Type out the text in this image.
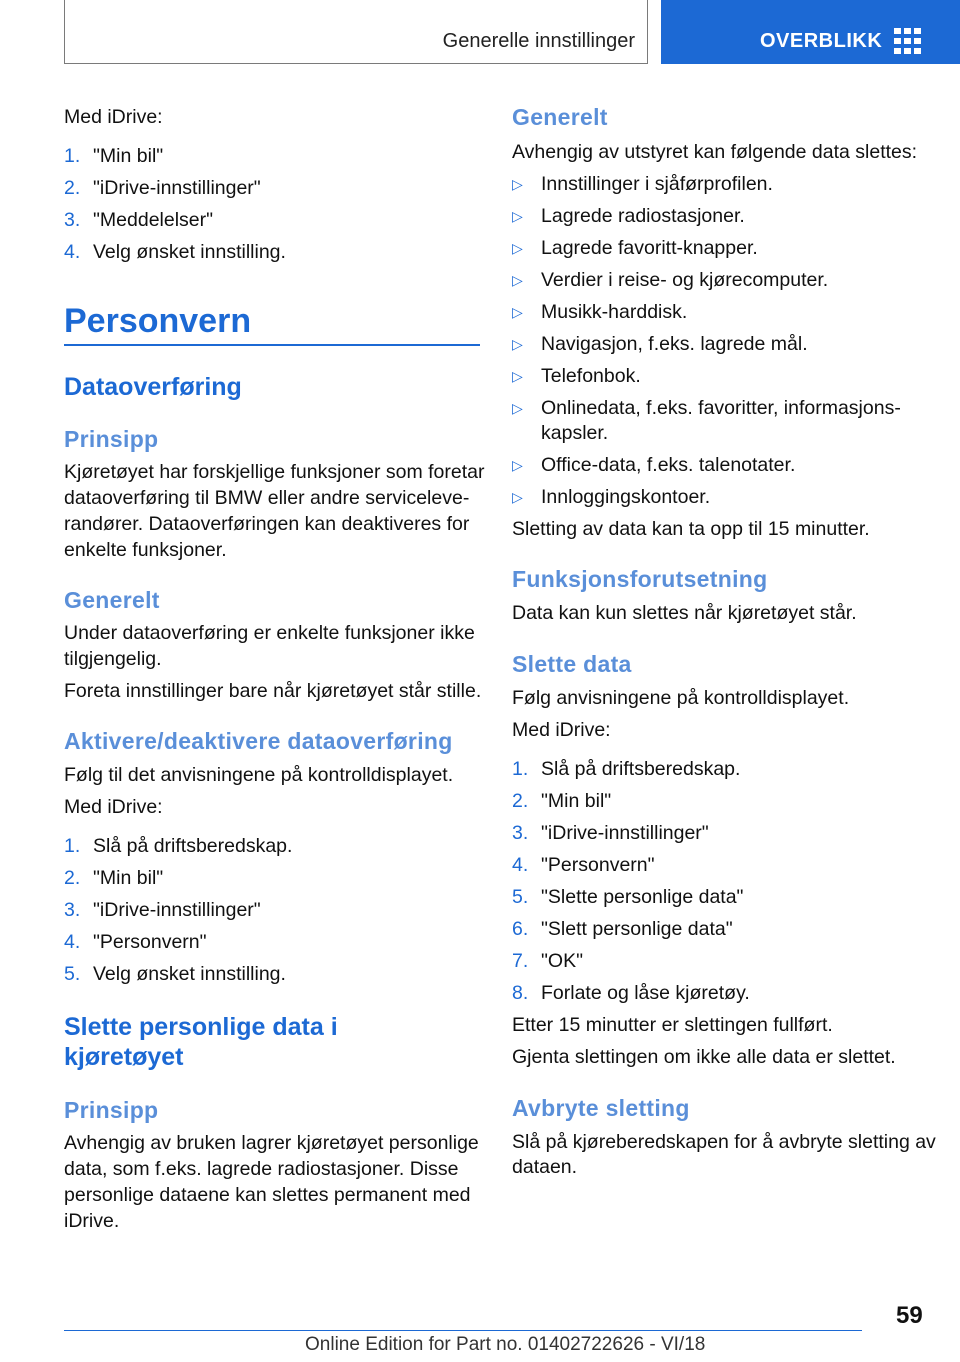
Generelle innstillinger	OVERBLIKK
Med iDrive:
1. "Min bil"
2. "iDrive-innstillinger"
3. "Meddelelser"
4. Velg ønsket innstilling.
Personvern
Dataoverføring
Prinsipp
Kjøretøyet har forskjellige funksjoner som foretar
dataoverføring til BMW eller andre serviceleve-
randører. Dataoverføringen kan deaktiveres for
enkelte funksjoner.
Generelt
Under dataoverføring er enkelte funksjoner ikke
tilgjengelig.
Foreta innstillinger bare når kjøretøyet står stille.
Aktivere/deaktivere dataoverføring
Følg til det anvisningene på kontrolldisplayet.
Med iDrive:
1. Slå på driftsberedskap.
2. "Min bil"
3. "iDrive-innstillinger"
4. "Personvern"
5. Velg ønsket innstilling.
Slette personlige data i
kjøretøyet
Prinsipp
Avhengig av bruken lagrer kjøretøyet personlige
data, som f.eks. lagrede radiostasjoner. Disse
personlige dataene kan slettes permanent med
iDrive.
Generelt
Avhengig av utstyret kan følgende data slettes:
▷ Innstillinger i sjåførprofilen.
▷ Lagrede radiostasjoner.
▷ Lagrede favoritt-knapper.
▷ Verdier i reise- og kjørecomputer.
▷ Musikk-harddisk.
▷ Navigasjon, f.eks. lagrede mål.
▷ Telefonbok.
▷ Onlinedata, f.eks. favoritter, informasjons-
kapsler.
▷ Office-data, f.eks. talenotater.
▷ Innloggingskontoer.
Sletting av data kan ta opp til 15 minutter.
Funksjonsforutsetning
Data kan kun slettes når kjøretøyet står.
Slette data
Følg anvisningene på kontrolldisplayet.
Med iDrive:
1. Slå på driftsberedskap.
2. "Min bil"
3. "iDrive-innstillinger"
4. "Personvern"
5. "Slette personlige data"
6. "Slett personlige data"
7. "OK"
8. Forlate og låse kjøretøy.
Etter 15 minutter er slettingen fullført.
Gjenta slettingen om ikke alle data er slettet.
Avbryte sletting
Slå på kjøreberedskapen for å avbryte sletting av
dataen.
59
Online Edition for Part no. 01402722626 - VI/18
